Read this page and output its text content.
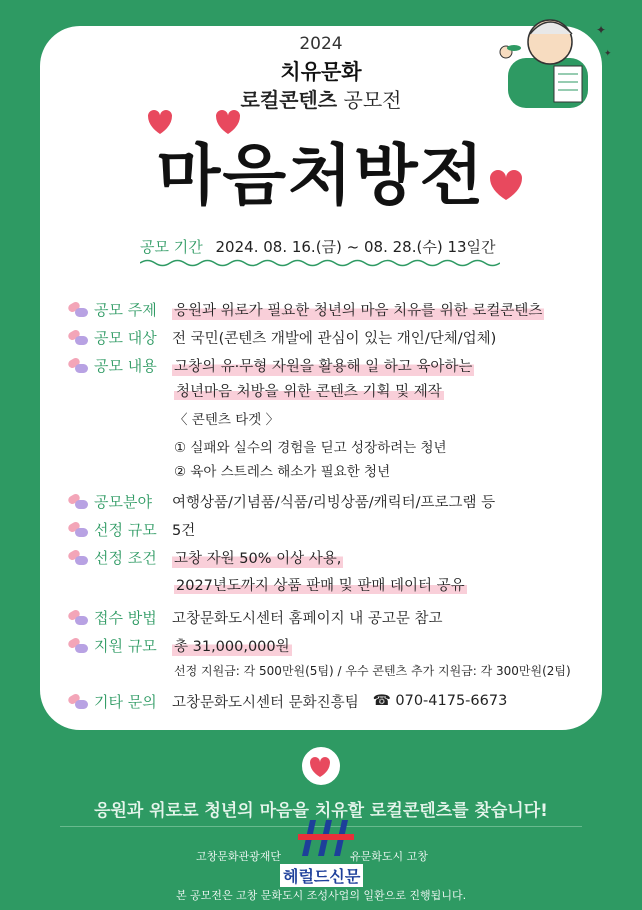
✦
✦
2024
치유문화
로컬콘텐츠 공모전
마음처방전
공모 기간 2024. 08. 16.(금) ~ 08. 28.(수) 13일간
공모 주제	응원과 위로가 필요한 청년의 마음 치유를 위한 로컬콘텐츠
공모 대상	전 국민(콘텐츠 개발에 관심이 있는 개인/단체/업체)
공모 내용	고창의 유·무형 자원을 활용해 일 하고 육아하는
청년마음 처방을 위한 콘텐츠 기획 및 제작
〈 콘텐츠 타겟 〉
① 실패와 실수의 경험을 딛고 성장하려는 청년
② 육아 스트레스 해소가 필요한 청년
공모분야	여행상품/기념품/식품/리빙상품/캐릭터/프로그램 등
선정 규모	5건
선정 조건	고창 자원 50% 이상 사용,
2027년도까지 상품 판매 및 판매 데이터 공유
접수 방법	고창문화도시센터 홈페이지 내 공고문 참고
지원 규모	총 31,000,000원
선정 지원금: 각 500만원(5팀) / 우수 콘텐츠 추가 지원금: 각 300만원(2팀)
기타 문의	고창문화도시센터 문화진흥팀 ☎ 070-4175-6673
응원과 위로로 청년의 마음을 치유할 로컬콘텐츠를 찾습니다!
고창문화관광재단	유문화도시 고창
헤럴드신문
본 공모전은 고창 문화도시 조성사업의 일환으로 진행됩니다.
